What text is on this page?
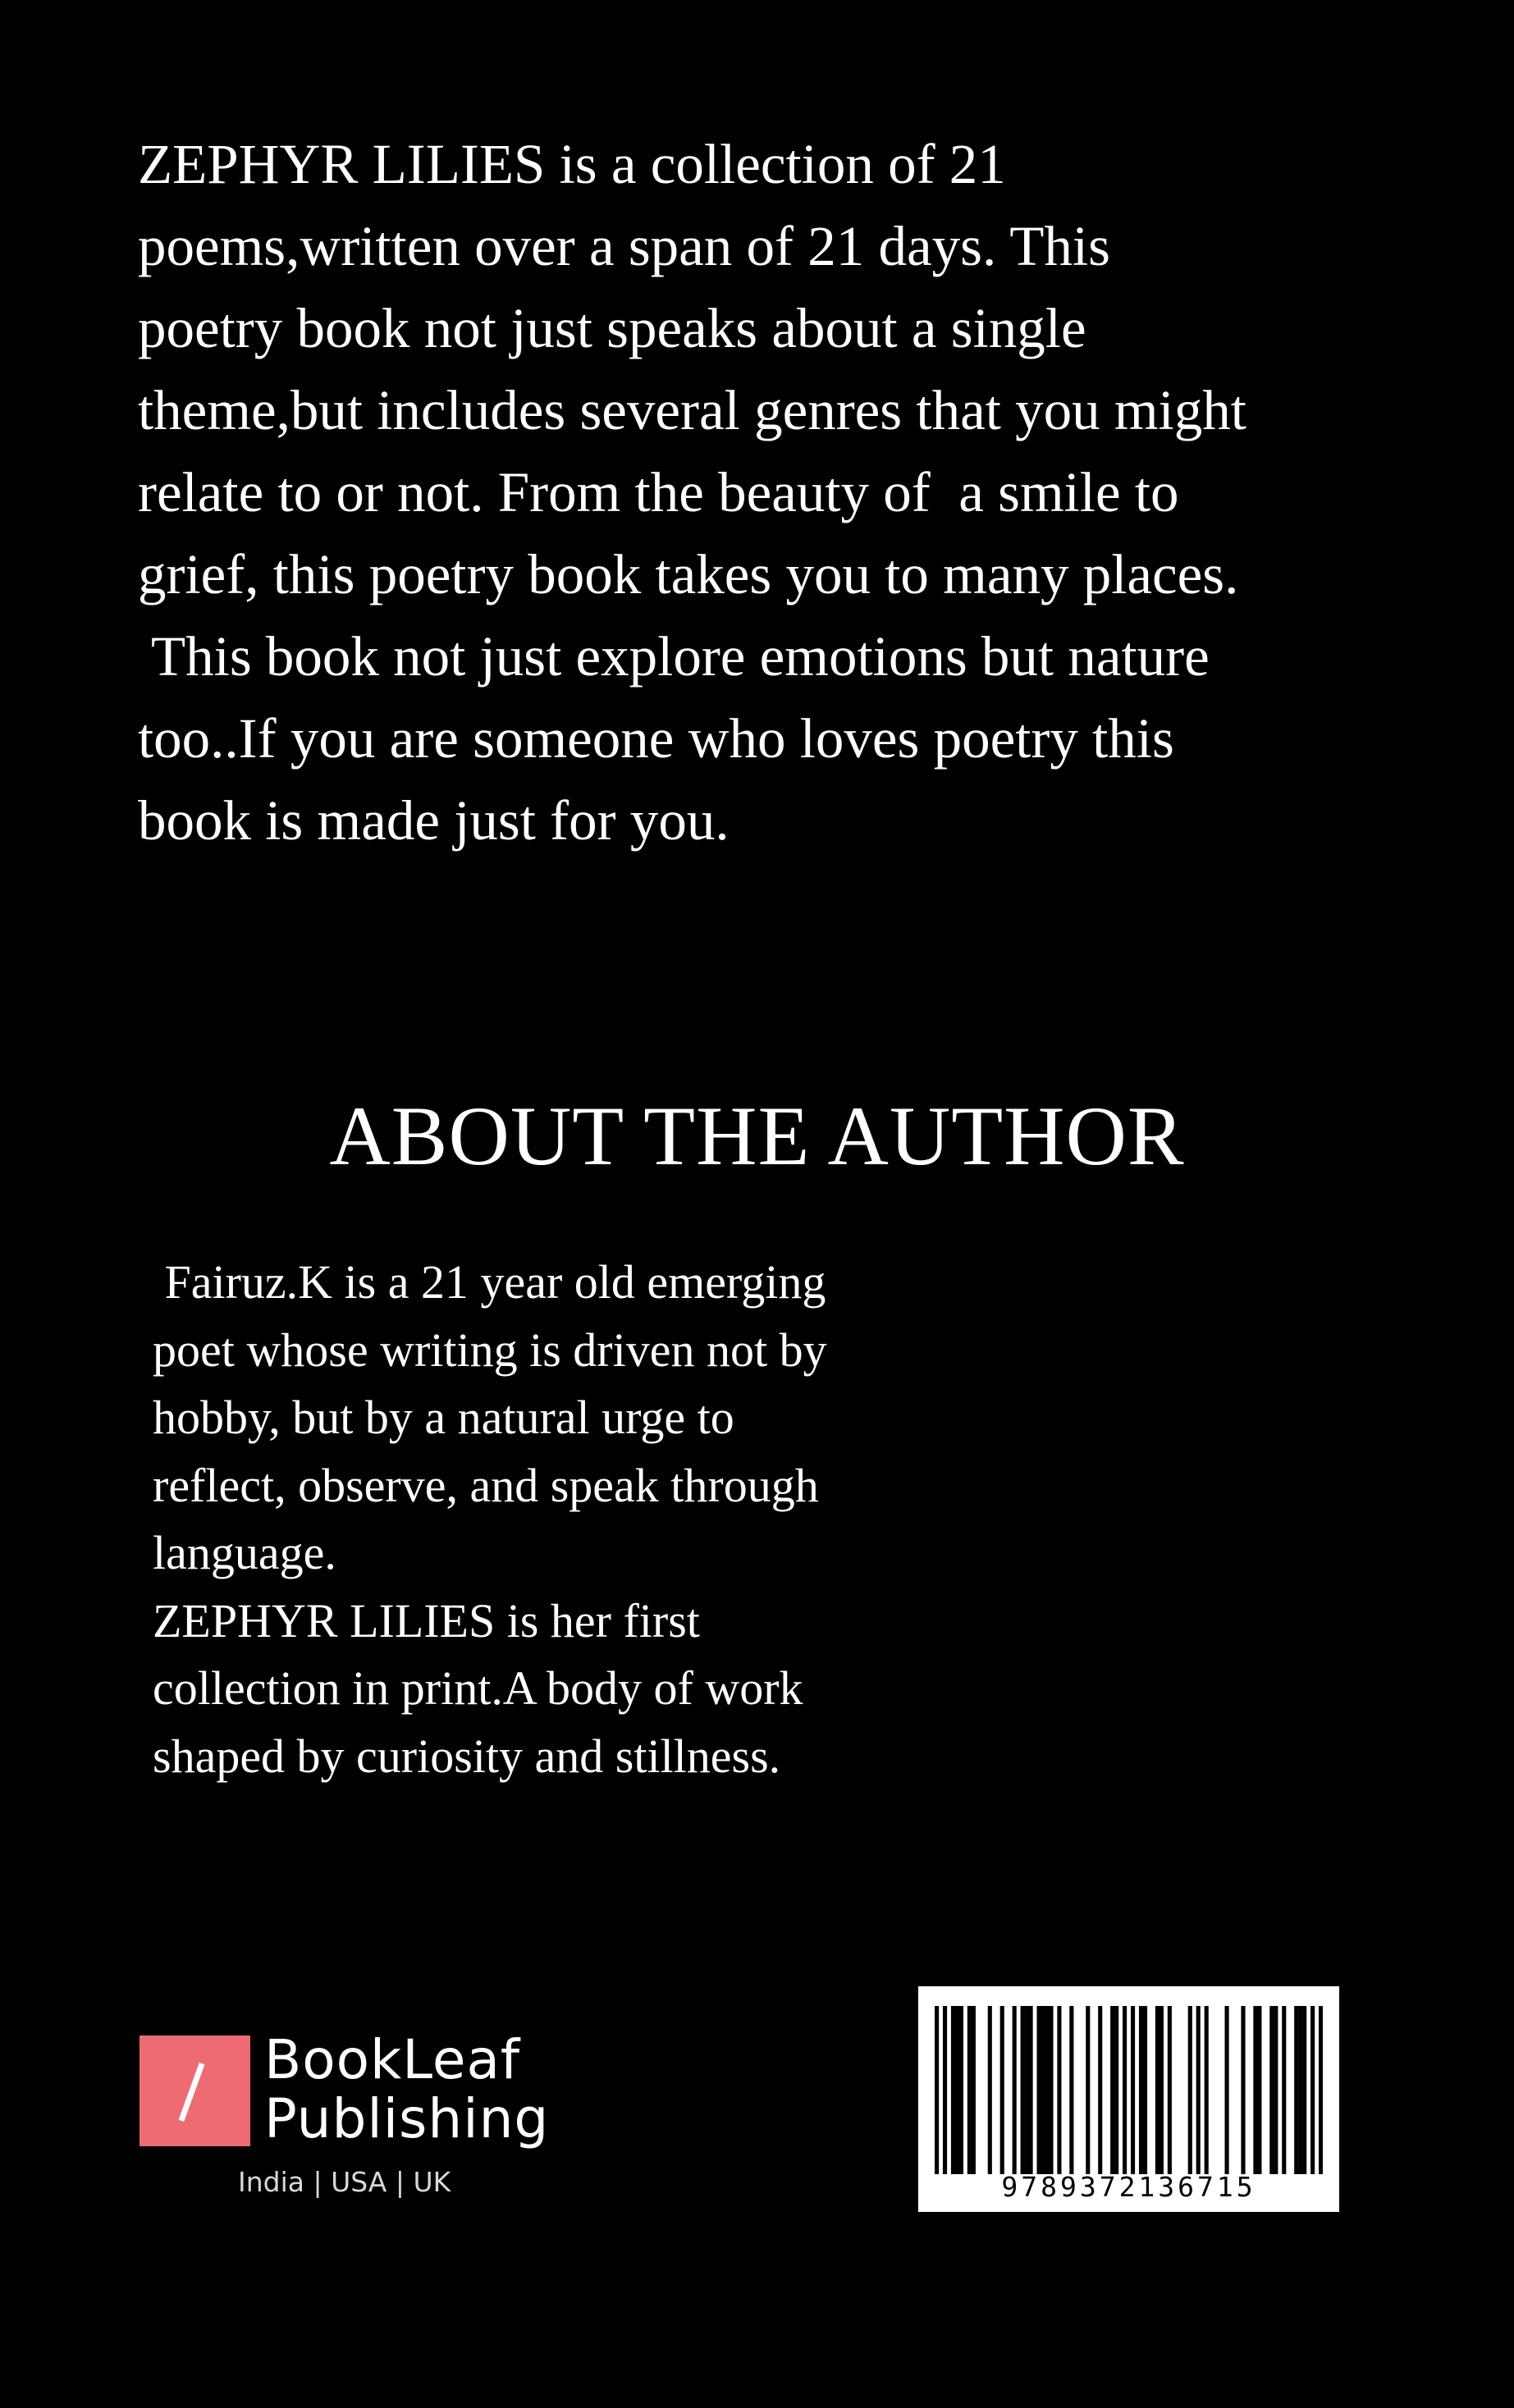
ZEPHYR LILIES is a collection of 21
poems,written over a span of 21 days. This
poetry book not just speaks about a single
theme,but includes several genres that you might
relate to or not. From the beauty of  a smile to
grief, this poetry book takes you to many places.
This book not just explore emotions but nature
too..If you are someone who loves poetry this
book is made just for you.
ABOUT THE AUTHOR
Fairuz.K is a 21 year old emerging
poet whose writing is driven not by
hobby, but by a natural urge to
reflect, observe, and speak through
language.
ZEPHYR LILIES is her first
collection in print.A body of work
shaped by curiosity and stillness.
BookLeaf
Publishing
India | USA | UK	9789372136715
